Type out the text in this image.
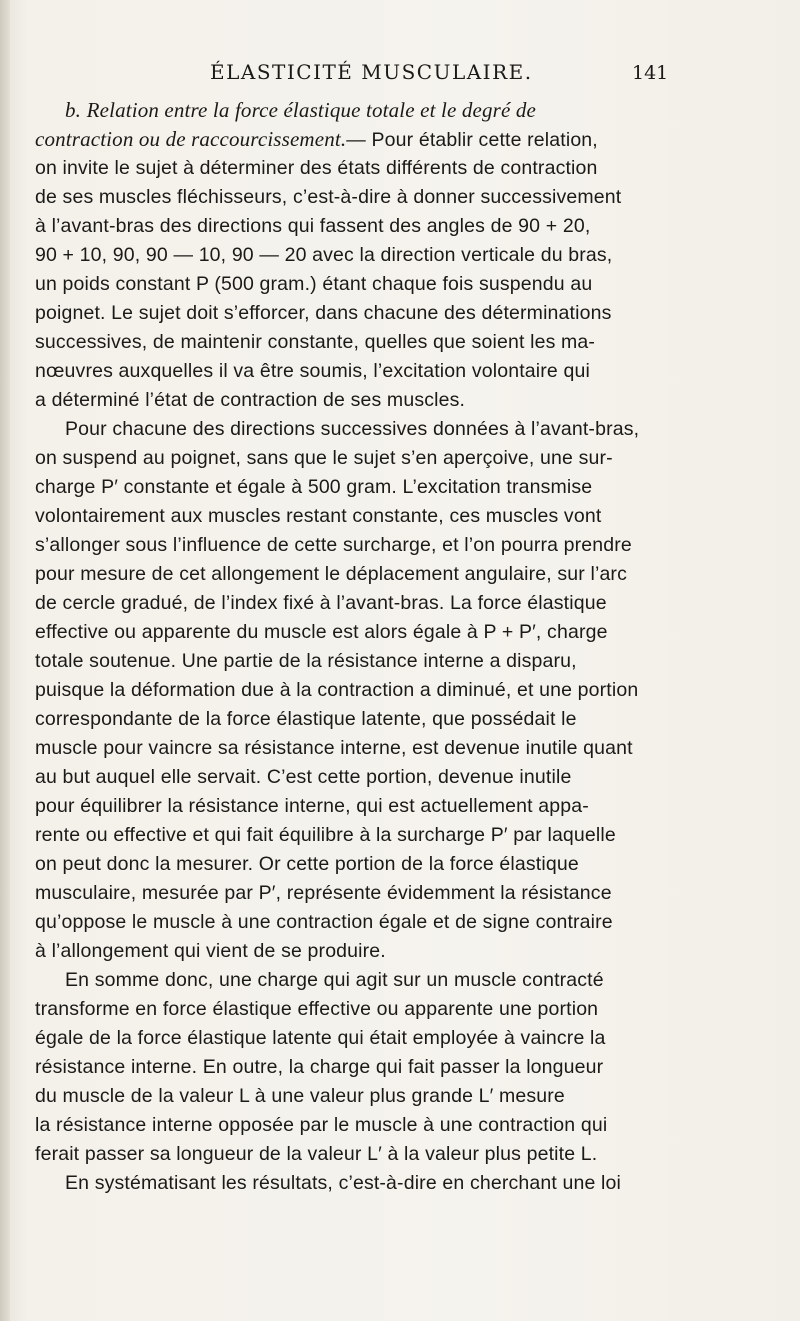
ÉLASTICITÉ MUSCULAIRE.	141
b. Relation entre la force élastique totale et le degré de
contraction ou de raccourcissement.— Pour établir cette relation,
on invite le sujet à déterminer des états différents de contraction
de ses muscles fléchisseurs, c’est-à-dire à donner successivement
à l’avant-bras des directions qui fassent des angles de 90 + 20,
90 + 10, 90, 90 — 10, 90 — 20 avec la direction verticale du bras,
un poids constant P (500 gram.) étant chaque fois suspendu au
poignet. Le sujet doit s’efforcer, dans chacune des déterminations
successives, de maintenir constante, quelles que soient les ma-
nœuvres auxquelles il va être soumis, l’excitation volontaire qui
a déterminé l’état de contraction de ses muscles.
Pour chacune des directions successives données à l’avant-bras,
on suspend au poignet, sans que le sujet s’en aperçoive, une sur-
charge P′ constante et égale à 500 gram. L’excitation transmise
volontairement aux muscles restant constante, ces muscles vont
s’allonger sous l’influence de cette surcharge, et l’on pourra prendre
pour mesure de cet allongement le déplacement angulaire, sur l’arc
de cercle gradué, de l’index fixé à l’avant-bras. La force élastique
effective ou apparente du muscle est alors égale à P + P′, charge
totale soutenue. Une partie de la résistance interne a disparu,
puisque la déformation due à la contraction a diminué, et une portion
correspondante de la force élastique latente, que possédait le
muscle pour vaincre sa résistance interne, est devenue inutile quant
au but auquel elle servait. C’est cette portion, devenue inutile
pour équilibrer la résistance interne, qui est actuellement appa-
rente ou effective et qui fait équilibre à la surcharge P′ par laquelle
on peut donc la mesurer. Or cette portion de la force élastique
musculaire, mesurée par P′, représente évidemment la résistance
qu’oppose le muscle à une contraction égale et de signe contraire
à l’allongement qui vient de se produire.
En somme donc, une charge qui agit sur un muscle contracté
transforme en force élastique effective ou apparente une portion
égale de la force élastique latente qui était employée à vaincre la
résistance interne. En outre, la charge qui fait passer la longueur
du muscle de la valeur L à une valeur plus grande L′ mesure
la résistance interne opposée par le muscle à une contraction qui
ferait passer sa longueur de la valeur L′ à la valeur plus petite L.
En systématisant les résultats, c’est-à-dire en cherchant une loi
